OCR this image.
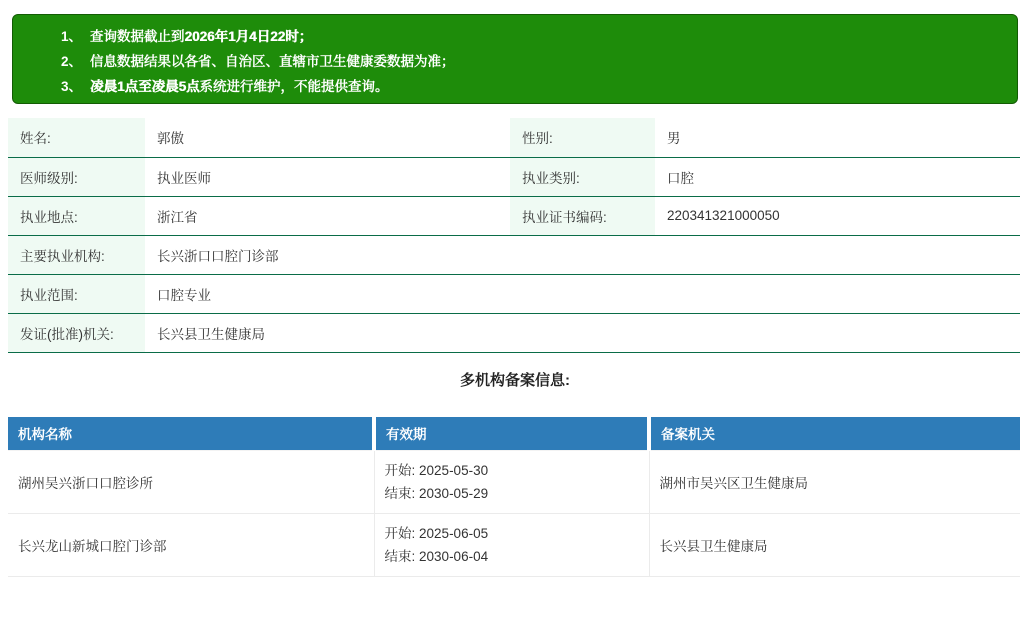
1、 查询数据截止到2026年1月4日22时；
2、 信息数据结果以各省、自治区、直辖市卫生健康委数据为准；
3、 凌晨1点至凌晨5点系统进行维护，不能提供查询。
姓名:	郭傲	性别:	男
医师级别:	执业医师	执业类别:	口腔
执业地点:	浙江省	执业证书编码:	220341321000050
主要执业机构:	长兴浙口口腔门诊部		
执业范围:	口腔专业		
发证(批准)机关:	长兴县卫生健康局		
多机构备案信息:
机构名称	有效期	备案机关
湖州吴兴浙口口腔诊所	开始: 2025-05-30
结束: 2030-05-29	湖州市吴兴区卫生健康局
长兴龙山新城口腔门诊部	开始: 2025-06-05
结束: 2030-06-04	长兴县卫生健康局
